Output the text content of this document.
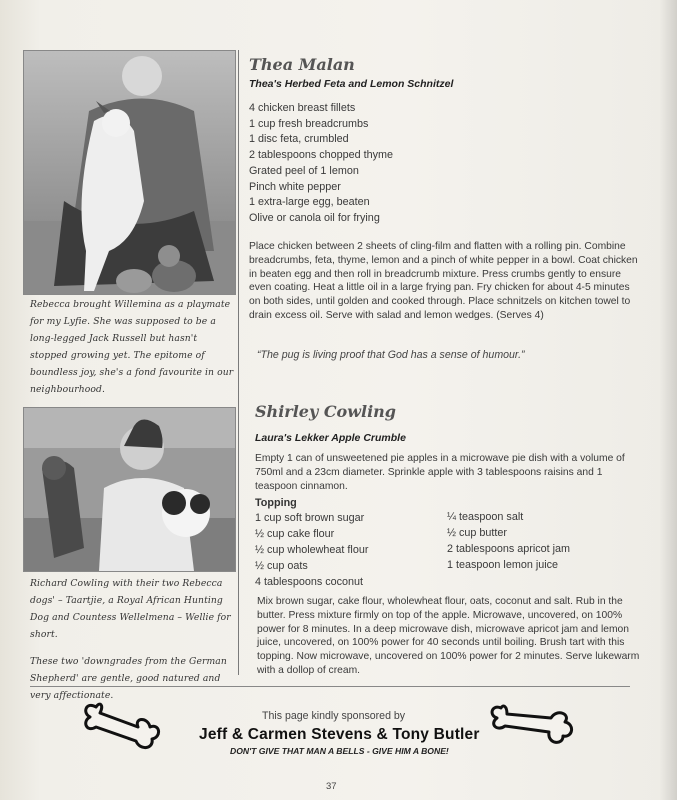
Rebecca brought Willemina as a playmate for my Lyfie. She was supposed to be a long-legged Jack Russell but hasn't stopped growing yet. The epitome of boundless joy, she's a fond favourite in our neighbourhood.

Richard Cowling with their two Rebecca dogs' – Taartjie, a Royal African Hunting Dog and Countess Wellelmena – Wellie for short.

These two 'downgrades from the German Shepherd' are gentle, good natured and very affectionate.

Thea Malan
Thea's Herbed Feta and Lemon Schnitzel
4 chicken breast fillets
1 cup fresh breadcrumbs
1 disc feta, crumbled
2 tablespoons chopped thyme
Grated peel of 1 lemon
Pinch white pepper
1 extra-large egg, beaten
Olive or canola oil for frying
Place chicken between 2 sheets of cling-film and flatten with a rolling pin. Combine breadcrumbs, feta, thyme, lemon and a pinch of white pepper in a bowl. Coat chicken in beaten egg and then roll in breadcrumb mixture. Press crumbs gently to ensure even coating. Heat a little oil in a large frying pan. Fry chicken for about 4-5 minutes on both sides, until golden and cooked through. Place schnitzels on kitchen towel to drain excess oil. Serve with salad and lemon wedges. (Serves 4)
“The pug is living proof that God has a sense of humour.”
Shirley Cowling
Laura's Lekker Apple Crumble
Empty 1 can of unsweetened pie apples in a microwave pie dish with a volume of 750ml and a 23cm diameter. Sprinkle apple with 3 tablespoons raisins and 1 teaspoon cinnamon.
Topping
1 cup soft brown sugar
½ cup cake flour
½ cup wholewheat flour
½ cup oats
4 tablespoons coconut
¼ teaspoon salt
½ cup butter
2 tablespoons apricot jam
1 teaspoon lemon juice
Mix brown sugar, cake flour, wholewheat flour, oats, coconut and salt. Rub in the butter. Press mixture firmly on top of the apple. Microwave, uncovered, on 100% power for 8 minutes. In a deep microwave dish, microwave apricot jam and lemon juice, uncovered, on 100% power for 40 seconds until boiling. Brush tart with this topping. Now microwave, uncovered on 100% power for 2 minutes. Serve lukewarm with a dollop of cream.
This page kindly sponsored by
Jeff & Carmen Stevens & Tony Butler
DON'T GIVE THAT MAN A BELLS - GIVE HIM A BONE!
37
